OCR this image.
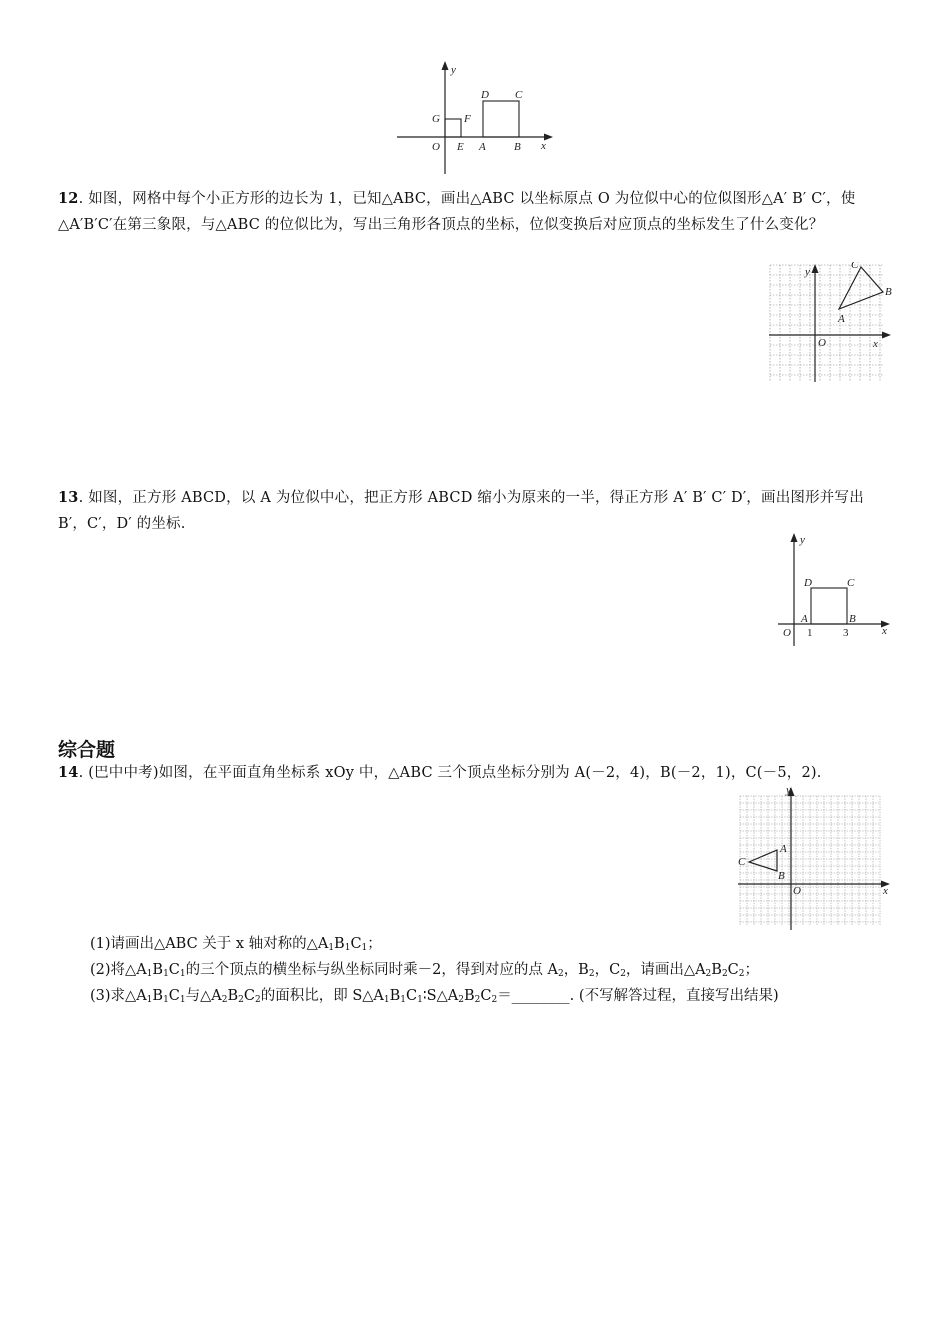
y
x
O E A	B
G F
D C
12. 如图，网格中每个小正方形的边长为 1，已知△ABC，画出△ABC 以坐标原点 O 为位似中心的位似图形△A′ B′ C′，使△A′B′C′在第三象限，与△ABC 的位似比为，写出三角形各顶点的坐标，位似变换后对应顶点的坐标发生了什么变化？
y
x
O
A
B
C
13. 如图，正方形 ABCD，以 A 为位似中心，把正方形 ABCD 缩小为原来的一半，得正方形 A′ B′ C′ D′，画出图形并写出 B′，C′，D′ 的坐标.
y
x
O 1	3
A	B
D	C
综合题
14. (巴中中考)如图，在平面直角坐标系 xOy 中，△ABC 三个顶点坐标分别为 A(－2，4)，B(－2，1)，C(－5，2).
y
x
O
A
B
C
(1)请画出△ABC 关于 x 轴对称的$\triangle A_1B_1C_1$；
(2)将$\triangle A_1B_1C_1$的三个顶点的横坐标与纵坐标同时乘－2，得到对应的点 $A_2$，$B_2$，$C_2$，请画出$\triangle A_2B_2C_2$；
(3)求$\triangle A_1B_1C_1$与$\triangle A_2B_2C_2$的面积比，即 $S\triangle A_1B_1C_1∶S\triangle A_2B_2C_2=\_\_\_\_\_\_\_\_$. (不写解答过程，直接写出结果)
